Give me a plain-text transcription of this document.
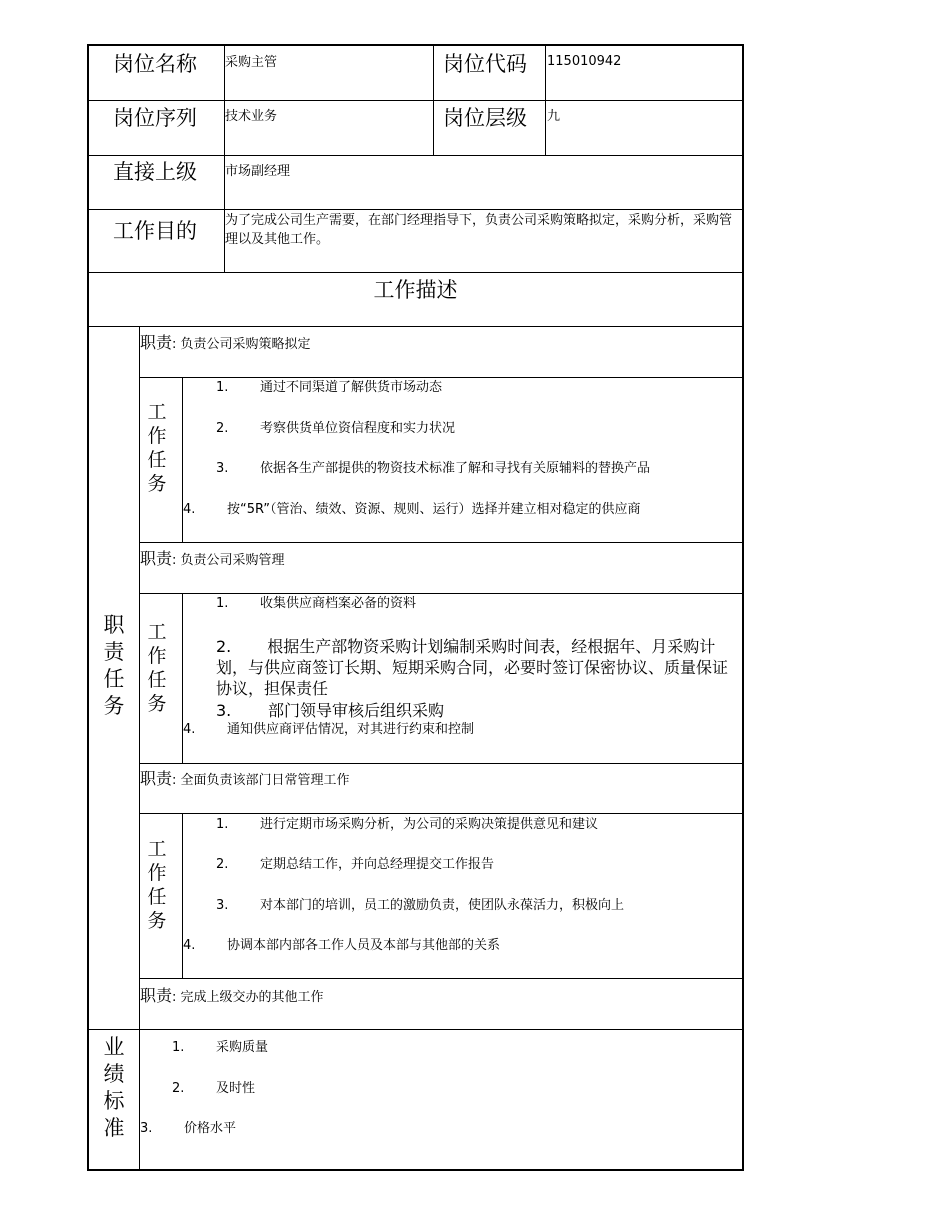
岗位名称 采购主管	岗位代码 115010942
岗位序列 技术业务	岗位层级 九
直接上级 市场副经理
工作目的 为了完成公司生产需要，在部门经理指导下，负责公司采购策略拟定，采购分析，采购管理以及其他工作。
工作描述
职责任务
业绩标准
职责: 负责公司采购策略拟定
工作任务
1. 通过不同渠道了解供货市场动态
2. 考察供货单位资信程度和实力状况
3. 依据各生产部提供的物资技术标准了解和寻找有关原辅料的替换产品
4. 按“5R”（管治、绩效、资源、规则、运行）选择并建立相对稳定的供应商
职责: 负责公司采购管理
工作任务
1. 收集供应商档案必备的资料
2. 根据生产部物资采购计划编制采购时间表，经根据年、月采购计划，与供应商签订长期、短期采购合同，必要时签订保密协议、质量保证协议，担保责任
3. 部门领导审核后组织采购
4. 通知供应商评估情况，对其进行约束和控制
职责: 全面负责该部门日常管理工作
工作任务
1. 进行定期市场采购分析，为公司的采购决策提供意见和建议
2. 定期总结工作，并向总经理提交工作报告
3. 对本部门的培训，员工的激励负责，使团队永葆活力，积极向上
4. 协调本部内部各工作人员及本部与其他部的关系
职责: 完成上级交办的其他工作
1. 采购质量
2. 及时性
3. 价格水平
